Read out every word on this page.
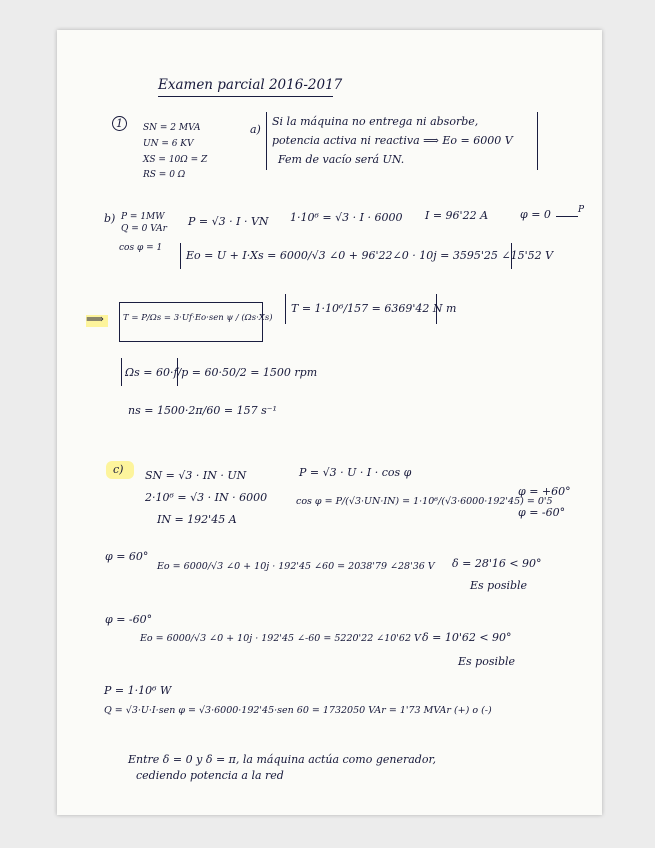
Examen parcial 2016-2017
1	SN = 2 MVA
UN = 6 KV
XS = 10Ω = Z
RS = 0 Ω
a)
Si la máquina no entrega ni absorbe,
potencia activa ni reactiva ⟹ Eo = 6000 V
Fem de vacío será UN.
b) P = 1MW
Q = 0 VAr
P = √3 · I · VN 1·10⁶ = √3 · I · 6000 I = 96'22 A	φ = 0	P
cos φ = 1
Eo = U + I·Xs = 6000/√3 ∠0 + 96'22∠0 · 10j = 3595'25 ∠15'52 V
⟹ T = P/Ωs = 3·Uf·Eo·sen ψ / (Ωs·Xs)
T = 1·10⁶/157 = 6369'42 N m
Ωs = 60·f/p = 60·50/2 = 1500 rpm
ns = 1500·2π/60 = 157 s⁻¹
c) SN = √3 · IN · UN
2·10⁶ = √3 · IN · 6000
IN = 192'45 A
P = √3 · U · I · cos φ
cos φ = P/(√3·UN·IN) = 1·10⁶/(√3·6000·192'45) = 0'5
φ = +60°
φ = -60°
φ = 60°
Eo = 6000/√3 ∠0 + 10j · 192'45 ∠60 = 2038'79 ∠28'36 V δ = 28'16 < 90°
Es posible
φ = -60°
Eo = 6000/√3 ∠0 + 10j · 192'45 ∠-60 = 5220'22 ∠10'62 V δ = 10'62 < 90°
Es posible
P = 1·10⁶ W
Q = √3·U·I·sen φ = √3·6000·192'45·sen 60 = 1732050 VAr = 1'73 MVAr (+) o (-)
Entre δ = 0 y δ = π, la máquina actúa como generador,
cediendo potencia a la red
